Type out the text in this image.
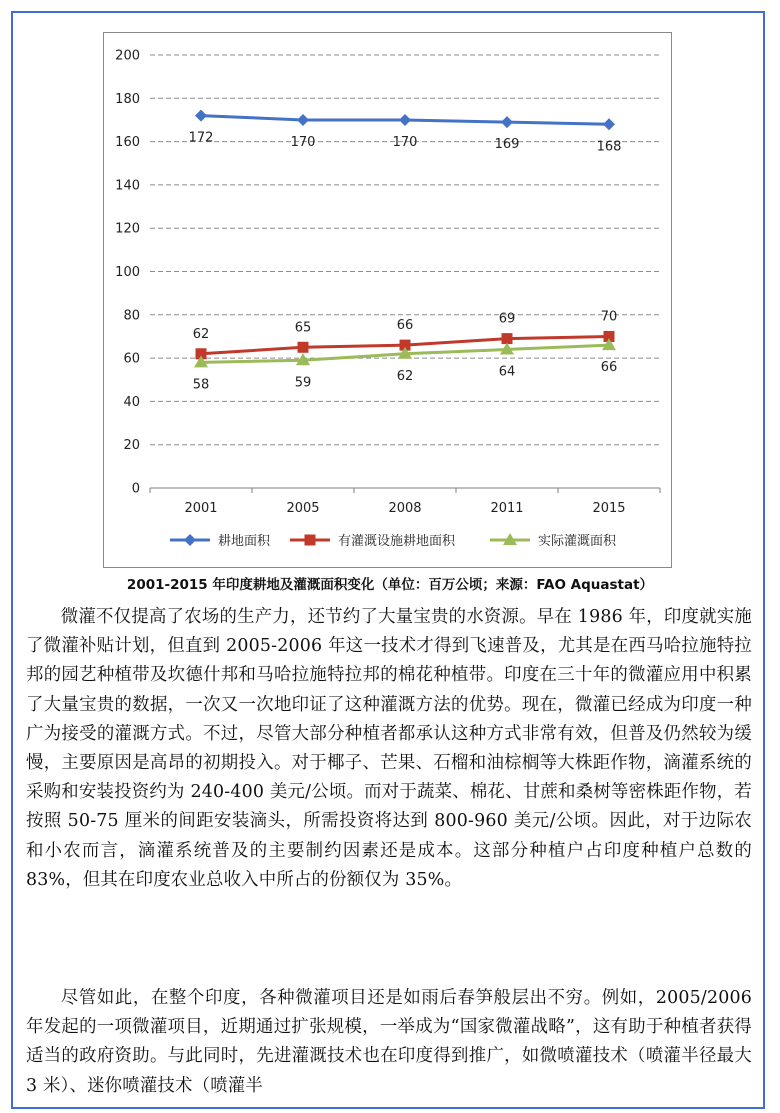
0
20
40
60
80
100
120
140
160
180
200
2001	2005	2008	2011	2015
172	170	170	169	168
62	65	66	69	70
58	59	62	64	66
耕地面积	有灌溉设施耕地面积	实际灌溉面积
2001-2015 年印度耕地及灌溉面积变化（单位：百万公顷；来源：FAO Aquastat）

微灌不仅提高了农场的生产力，还节约了大量宝贵的水资源。早在 1986 年，印度就实施了微灌补贴计划，但直到 2005-2006 年这一技术才得到飞速普及，尤其是在西马哈拉施特拉邦的园艺种植带及坎德什邦和马哈拉施特拉邦的棉花种植带。印度在三十年的微灌应用中积累了大量宝贵的数据，一次又一次地印证了这种灌溉方法的优势。现在，微灌已经成为印度一种广为接受的灌溉方式。不过，尽管大部分种植者都承认这种方式非常有效，但普及仍然较为缓慢，主要原因是高昂的初期投入。对于椰子、芒果、石榴和油棕榈等大株距作物，滴灌系统的采购和安装投资约为 240-400 美元/公顷。而对于蔬菜、棉花、甘蔗和桑树等密株距作物，若按照 50-75 厘米的间距安装滴头，所需投资将达到 800-960 美元/公顷。因此，对于边际农和小农而言，滴灌系统普及的主要制约因素还是成本。这部分种植户占印度种植户总数的 83%，但其在印度农业总收入中所占的份额仅为 35%。

尽管如此，在整个印度，各种微灌项目还是如雨后春笋般层出不穷。例如，2005/2006 年发起的一项微灌项目，近期通过扩张规模，一举成为“国家微灌战略”，这有助于种植者获得适当的政府资助。与此同时，先进灌溉技术也在印度得到推广，如微喷灌技术（喷灌半径最大 3 米）、迷你喷灌技术（喷灌半
